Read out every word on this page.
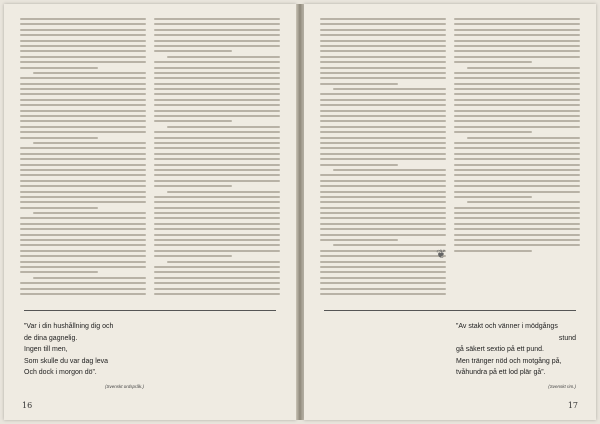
”Var i din hushållning dig och
de dina gagnelig.
Ingen till men,
Som skulle du var dag leva
Och dock i morgon dö”.
(Svenskt ordspråk.)
16
❦
”Av stakt och vänner i mödgångs
stund
gå säkert sextio på ett pund.
Men tränger nöd och motgång på,
tvåhundra på ett lod plär gå”.
(Svenskt rim.)
17
